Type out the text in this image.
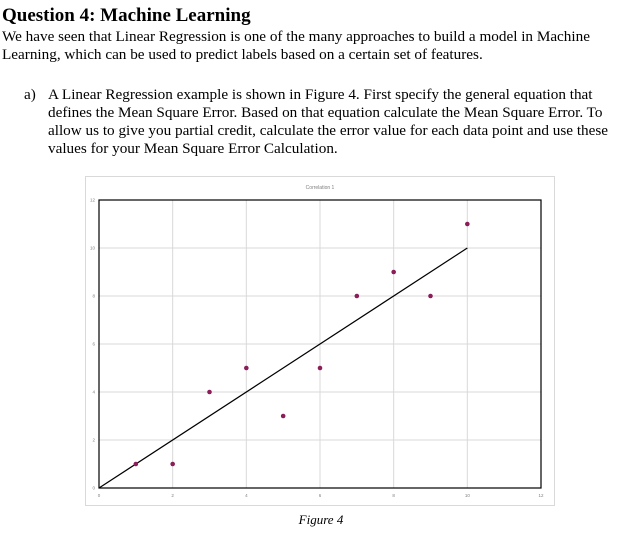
Question 4: Machine Learning
We have seen that Linear Regression is one of the many approaches to build a model in Machine Learning, which can be used to predict labels based on a certain set of features.
a) A Linear Regression example is shown in Figure 4. First specify the general equation that defines the Mean Square Error. Based on that equation calculate the Mean Square Error. To allow us to give you partial credit, calculate the error value for each data point and use these values for your Mean Square Error Calculation.
Correlation 1
0	2	4	6	8	10	12
0
2
4
6
8
10
12
Figure 4
